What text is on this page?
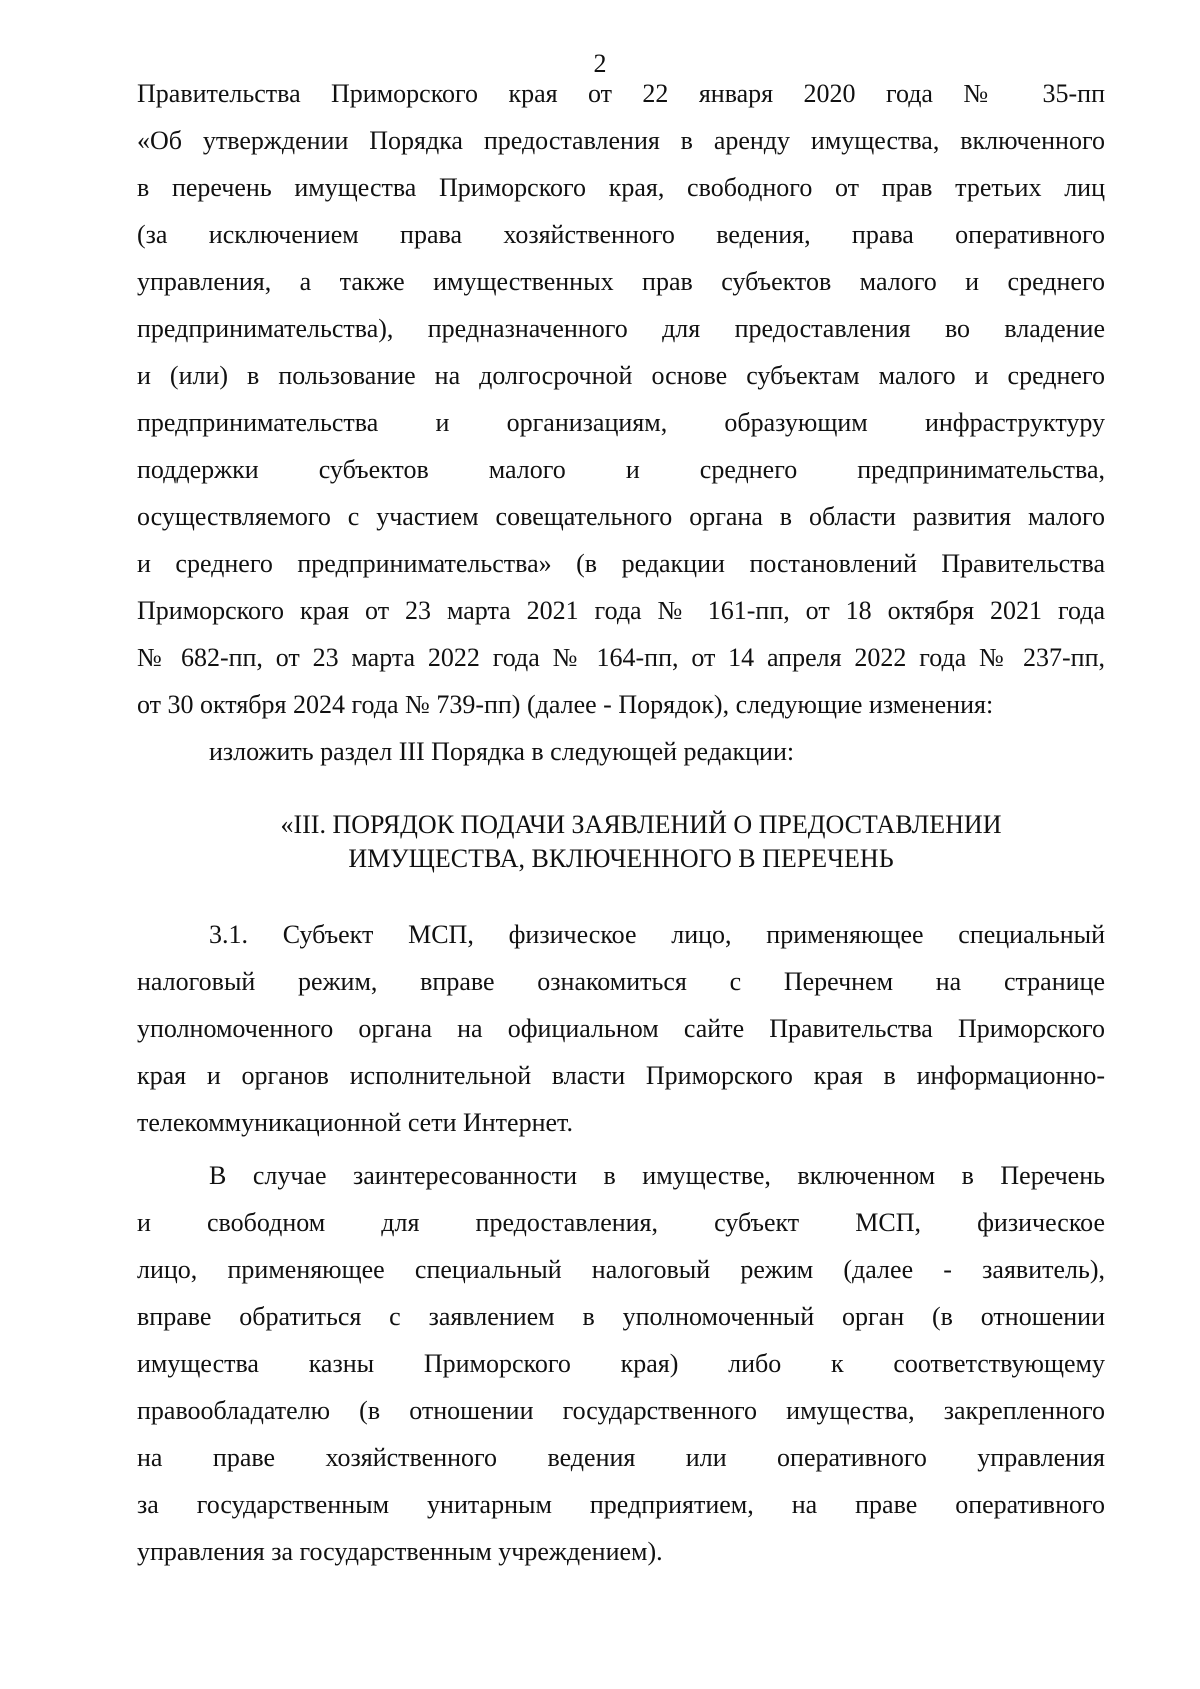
2
Правительства Приморского края от 22 января 2020 года № 35-пп
«Об утверждении Порядка предоставления в аренду имущества, включенного
в перечень имущества Приморского края, свободного от прав третьих лиц
(за исключением права хозяйственного ведения, права оперативного
управления, а также имущественных прав субъектов малого и среднего
предпринимательства), предназначенного для предоставления во владение
и (или) в пользование на долгосрочной основе субъектам малого и среднего
предпринимательства и организациям, образующим инфраструктуру
поддержки субъектов малого и среднего предпринимательства,
осуществляемого с участием совещательного органа в области развития малого
и среднего предпринимательства» (в редакции постановлений Правительства
Приморского края от 23 марта 2021 года № 161-пп, от 18 октября 2021 года
№ 682-пп, от 23 марта 2022 года № 164-пп, от 14 апреля 2022 года № 237-пп,
от 30 октября 2024 года № 739-пп) (далее - Порядок), следующие изменения:
изложить раздел III Порядка в следующей редакции:
«III. ПОРЯДОК ПОДАЧИ ЗАЯВЛЕНИЙ О ПРЕДОСТАВЛЕНИИ
ИМУЩЕСТВА, ВКЛЮЧЕННОГО В ПЕРЕЧЕНЬ
3.1. Субъект МСП, физическое лицо, применяющее специальный
налоговый режим, вправе ознакомиться с Перечнем на странице
уполномоченного органа на официальном сайте Правительства Приморского
края и органов исполнительной власти Приморского края в информационно-
телекоммуникационной сети Интернет.
В случае заинтересованности в имуществе, включенном в Перечень
и свободном для предоставления, субъект МСП, физическое
лицо, применяющее специальный налоговый режим (далее - заявитель),
вправе обратиться с заявлением в уполномоченный орган (в отношении
имущества казны Приморского края) либо к соответствующему
правообладателю (в отношении государственного имущества, закрепленного
на праве хозяйственного ведения или оперативного управления
за государственным унитарным предприятием, на праве оперативного
управления за государственным учреждением).
